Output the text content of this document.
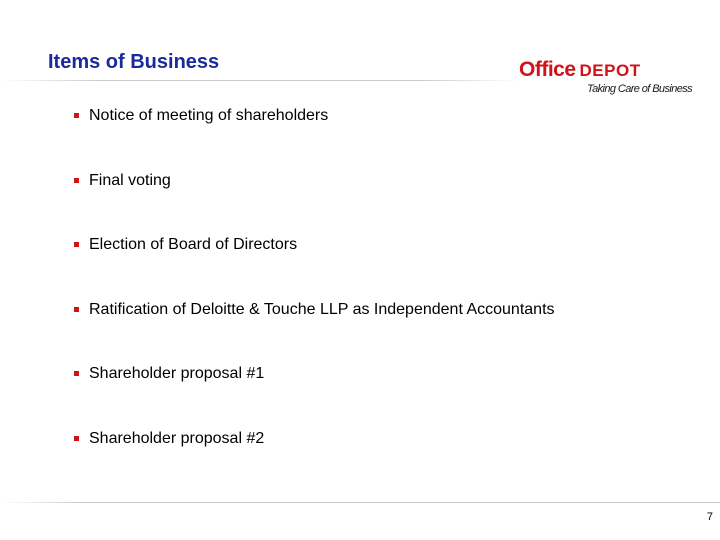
Items of Business	Office DEPOT
Taking Care of Business
Notice of meeting of shareholders
Final voting
Election of Board of Directors
Ratification of Deloitte & Touche LLP as Independent Accountants
Shareholder proposal #1
Shareholder proposal #2
7
